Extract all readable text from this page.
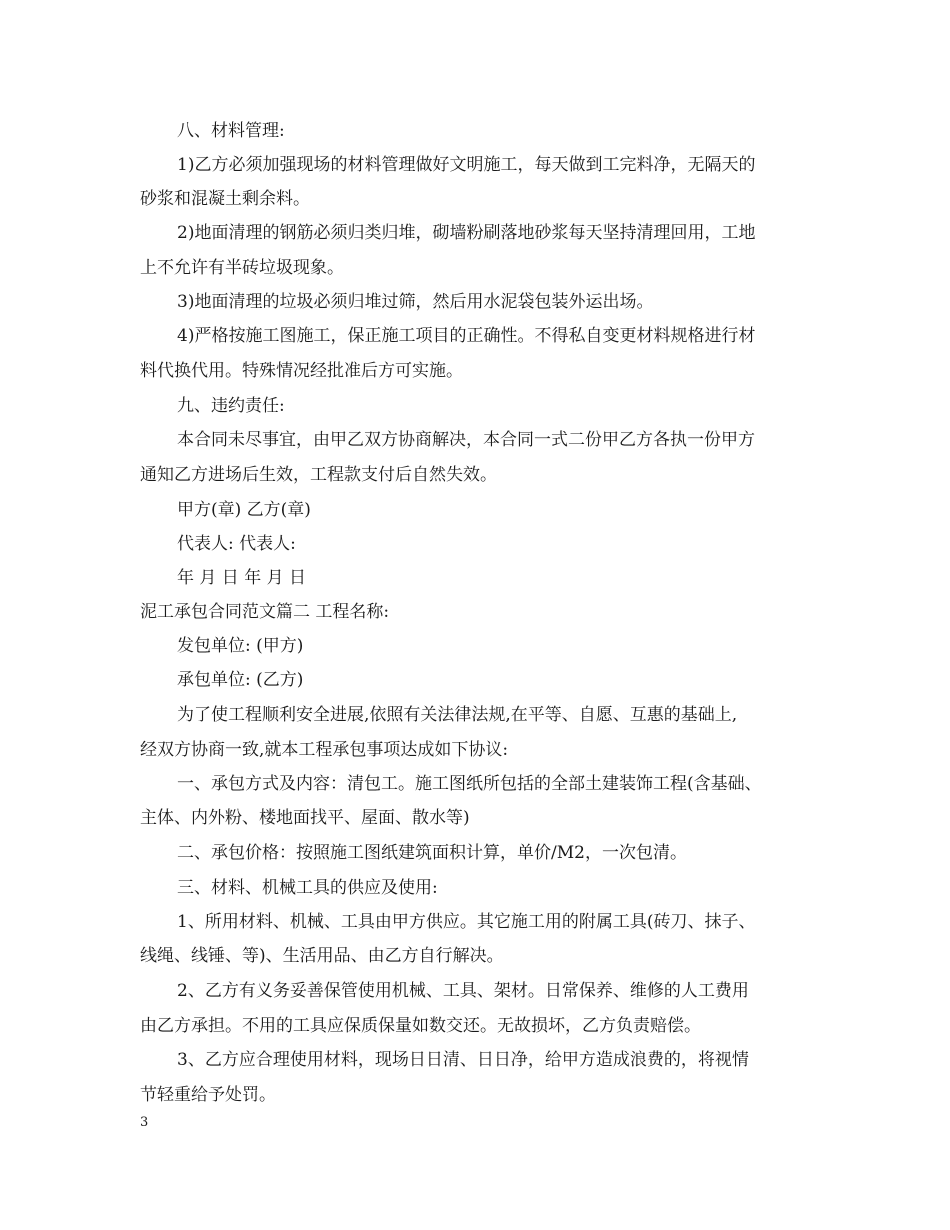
八、材料管理:
1)乙方必须加强现场的材料管理做好文明施工，每天做到工完料净，无隔天的
砂浆和混凝土剩余料。
2)地面清理的钢筋必须归类归堆，砌墙粉刷落地砂浆每天坚持清理回用，工地
上不允许有半砖垃圾现象。
3)地面清理的垃圾必须归堆过筛，然后用水泥袋包装外运出场。
4)严格按施工图施工，保正施工项目的正确性。不得私自变更材料规格进行材
料代换代用。特殊情况经批准后方可实施。
九、违约责任:
本合同未尽事宜，由甲乙双方协商解决，本合同一式二份甲乙方各执一份甲方
通知乙方进场后生效，工程款支付后自然失效。
甲方(章) 乙方(章)
代表人: 代表人:
年 月 日 年 月 日
泥工承包合同范文篇二 工程名称:
发包单位: (甲方)
承包单位: (乙方)
为了使工程顺利安全进展,依照有关法律法规,在平等、自愿、互惠的基础上,
经双方协商一致,就本工程承包事项达成如下协议:
一、承包方式及内容：清包工。施工图纸所包括的全部土建装饰工程(含基础、
主体、内外粉、楼地面找平、屋面、散水等)
二、承包价格：按照施工图纸建筑面积计算，单价/M2，一次包清。
三、材料、机械工具的供应及使用:
1、所用材料、机械、工具由甲方供应。其它施工用的附属工具(砖刀、抹子、
线绳、线锤、等)、生活用品、由乙方自行解决。
2、乙方有义务妥善保管使用机械、工具、架材。日常保养、维修的人工费用
由乙方承担。不用的工具应保质保量如数交还。无故损坏，乙方负责赔偿。
3、乙方应合理使用材料，现场日日清、日日净，给甲方造成浪费的，将视情
节轻重给予处罚。
3
